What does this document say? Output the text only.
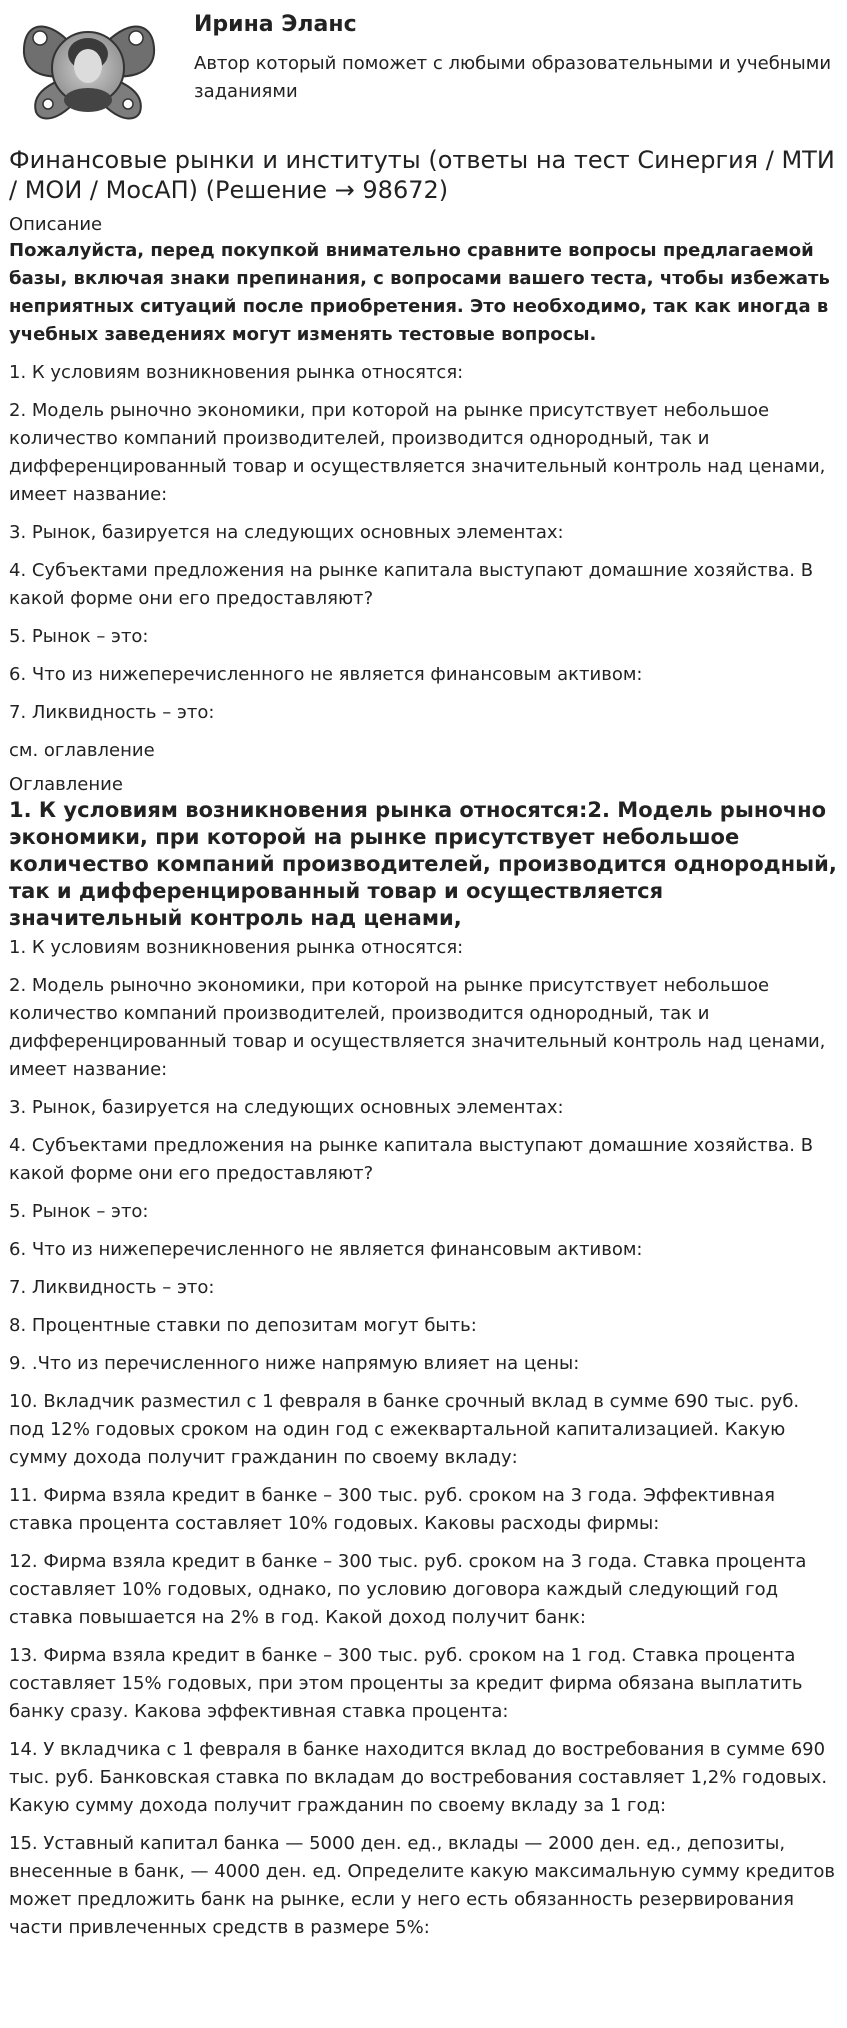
Ирина Эланс
Автор который поможет с любыми образовательными и учебными заданиями
Финансовые рынки и институты (ответы на тест Синергия / МТИ / МОИ / МосАП) (Решение → 98672)
Описание
Пожалуйста, перед покупкой внимательно сравните вопросы предлагаемой базы, включая знаки препинания, с вопросами вашего теста, чтобы избежать неприятных ситуаций после приобретения. Это необходимо, так как иногда в учебных заведениях могут изменять тестовые вопросы.

1. К условиям возникновения рынка относятся:

2. Модель рыночно экономики, при которой на рынке присутствует небольшое количество компаний производителей, производится однородный, так и дифференцированный товар и осуществляется значительный контроль над ценами, имеет название:

3. Рынок, базируется на следующих основных элементах:

4. Субъектами предложения на рынке капитала выступают домашние хозяйства. В какой форме они его предоставляют?

5. Рынок – это:

6. Что из нижеперечисленного не является финансовым активом:

7. Ликвидность – это:

см. оглавление
Оглавление
1. К условиям возникновения рынка относятся:2. Модель рыночно экономики, при которой на рынке присутствует небольшое количество компаний производителей, производится однородный, так и дифференцированный товар и осуществляется значительный контроль над ценами,

1. К условиям возникновения рынка относятся:

2. Модель рыночно экономики, при которой на рынке присутствует небольшое количество компаний производителей, производится однородный, так и дифференцированный товар и осуществляется значительный контроль над ценами, имеет название:

3. Рынок, базируется на следующих основных элементах:

4. Субъектами предложения на рынке капитала выступают домашние хозяйства. В какой форме они его предоставляют?

5. Рынок – это:

6. Что из нижеперечисленного не является финансовым активом:

7. Ликвидность – это:

8. Процентные ставки по депозитам могут быть:

9. .Что из перечисленного ниже напрямую влияет на цены:

10. Вкладчик разместил с 1 февраля в банке срочный вклад в сумме 690 тыс. руб. под 12% годовых сроком на один год с ежеквартальной капитализацией. Какую сумму дохода получит гражданин по своему вкладу:

11. Фирма взяла кредит в банке – 300 тыс. руб. сроком на 3 года. Эффективная ставка процента составляет 10% годовых. Каковы расходы фирмы:

12. Фирма взяла кредит в банке – 300 тыс. руб. сроком на 3 года. Ставка процента составляет 10% годовых, однако, по условию договора каждый следующий год ставка повышается на 2% в год. Какой доход получит банк:

13. Фирма взяла кредит в банке – 300 тыс. руб. сроком на 1 год. Ставка процента составляет 15% годовых, при этом проценты за кредит фирма обязана выплатить банку сразу. Какова эффективная ставка процента:

14. У вкладчика с 1 февраля в банке находится вклад до востребования в сумме 690 тыс. руб. Банковская ставка по вкладам до востребования составляет 1,2% годовых. Какую сумму дохода получит гражданин по своему вкладу за 1 год:

15. Уставный капитал банка — 5000 ден. ед., вклады — 2000 ден. ед., депозиты, внесенные в банк, — 4000 ден. ед. Определите какую максимальную сумму кредитов может предложить банк на рынке, если у него есть обязанность резервирования части привлеченных средств в размере 5%:
